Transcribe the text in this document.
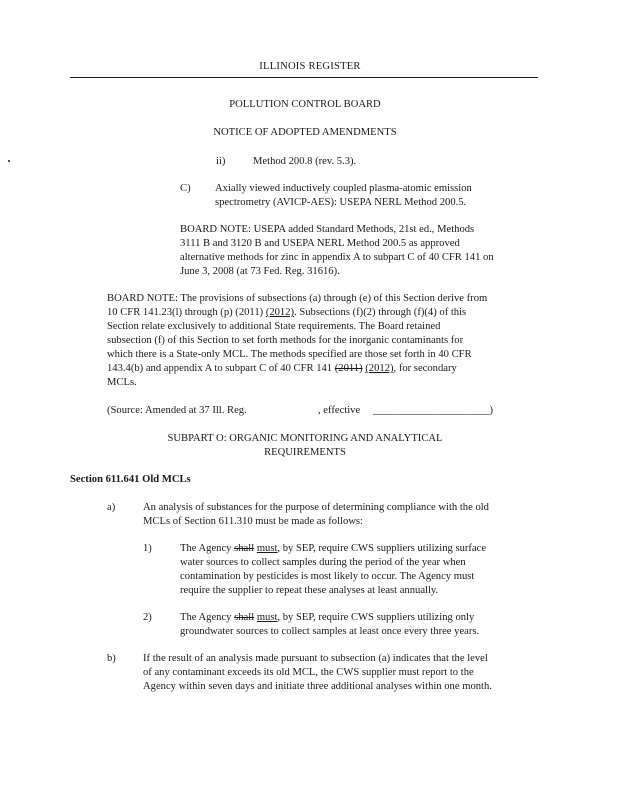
ILLINOIS REGISTER
POLLUTION CONTROL BOARD
NOTICE OF ADOPTED AMENDMENTS
ii)	Method 200.8 (rev. 5.3).
C) Axially viewed inductively coupled plasma-atomic emission
spectrometry (AVICP-AES): USEPA NERL Method 200.5.
BOARD NOTE: USEPA added Standard Methods, 21st ed., Methods
3111 B and 3120 B and USEPA NERL Method 200.5 as approved
alternative methods for zinc in appendix A to subpart C of 40 CFR 141 on
June 3, 2008 (at 73 Fed. Reg. 31616).
BOARD NOTE: The provisions of subsections (a) through (e) of this Section derive from
10 CFR 141.23(l) through (p) (2011) (2012). Subsections (f)(2) through (f)(4) of this
Section relate exclusively to additional State requirements. The Board retained
subsection (f) of this Section to set forth methods for the inorganic contaminants for
which there is a State-only MCL. The methods specified are those set forth in 40 CFR
143.4(b) and appendix A to subpart C of 40 CFR 141 (2011) (2012), for secondary
MCLs.
(Source: Amended at 37 Ill. Reg.	, effective ______________________)
SUBPART O: ORGANIC MONITORING AND ANALYTICAL
REQUIREMENTS
Section 611.641 Old MCLs
a)	An analysis of substances for the purpose of determining compliance with the old
MCLs of Section 611.310 must be made as follows:
1)	The Agency shall must, by SEP, require CWS suppliers utilizing surface
water sources to collect samples during the period of the year when
contamination by pesticides is most likely to occur. The Agency must
require the supplier to repeat these analyses at least annually.
2)	The Agency shall must, by SEP, require CWS suppliers utilizing only
groundwater sources to collect samples at least once every three years.
b)	If the result of an analysis made pursuant to subsection (a) indicates that the level
of any contaminant exceeds its old MCL, the CWS supplier must report to the
Agency within seven days and initiate three additional analyses within one month.
